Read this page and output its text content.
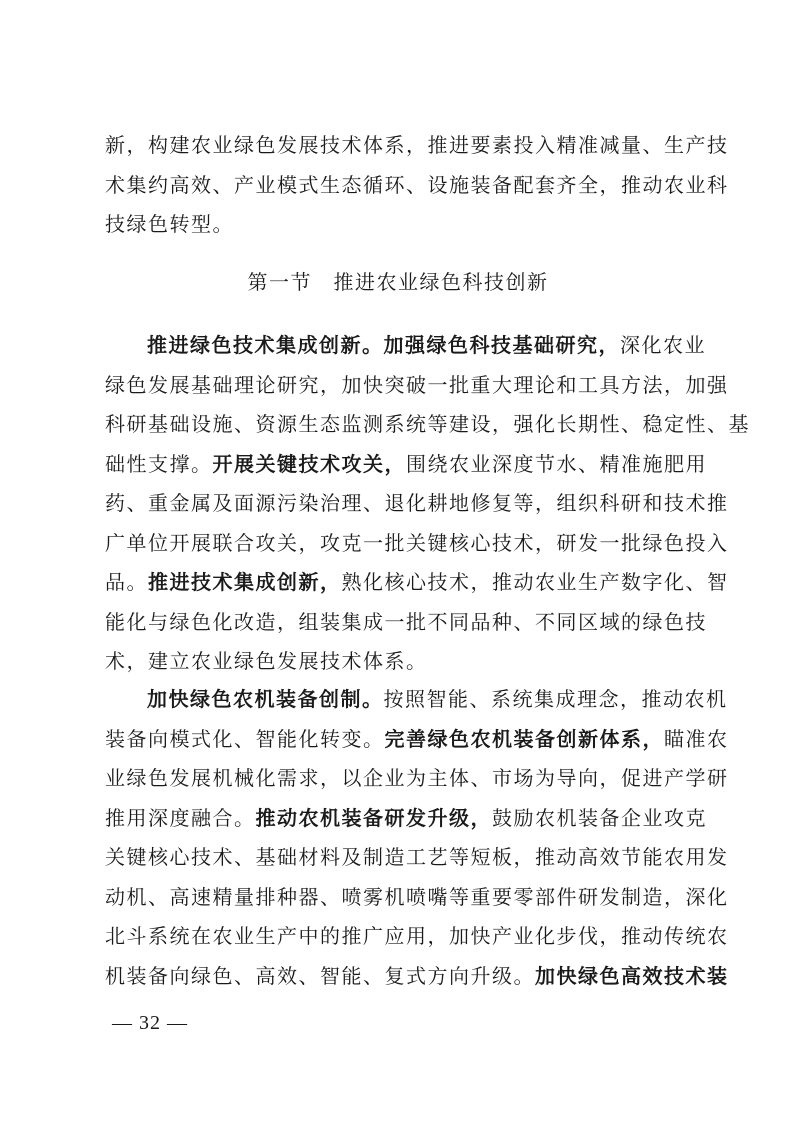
新，构建农业绿色发展技术体系，推进要素投入精准减量、生产技
术集约高效、产业模式生态循环、设施装备配套齐全，推动农业科
技绿色转型。
第一节　推进农业绿色科技创新
推进绿色技术集成创新。加强绿色科技基础研究，深化农业
绿色发展基础理论研究，加快突破一批重大理论和工具方法，加强
科研基础设施、资源生态监测系统等建设，强化长期性、稳定性、基
础性支撑。开展关键技术攻关，围绕农业深度节水、精准施肥用
药、重金属及面源污染治理、退化耕地修复等，组织科研和技术推
广单位开展联合攻关，攻克一批关键核心技术，研发一批绿色投入
品。推进技术集成创新，熟化核心技术，推动农业生产数字化、智
能化与绿色化改造，组装集成一批不同品种、不同区域的绿色技
术，建立农业绿色发展技术体系。
加快绿色农机装备创制。按照智能、系统集成理念，推动农机
装备向模式化、智能化转变。完善绿色农机装备创新体系，瞄准农
业绿色发展机械化需求，以企业为主体、市场为导向，促进产学研
推用深度融合。推动农机装备研发升级，鼓励农机装备企业攻克
关键核心技术、基础材料及制造工艺等短板，推动高效节能农用发
动机、高速精量排种器、喷雾机喷嘴等重要零部件研发制造，深化
北斗系统在农业生产中的推广应用，加快产业化步伐，推动传统农
机装备向绿色、高效、智能、复式方向升级。加快绿色高效技术装
— 32 —
